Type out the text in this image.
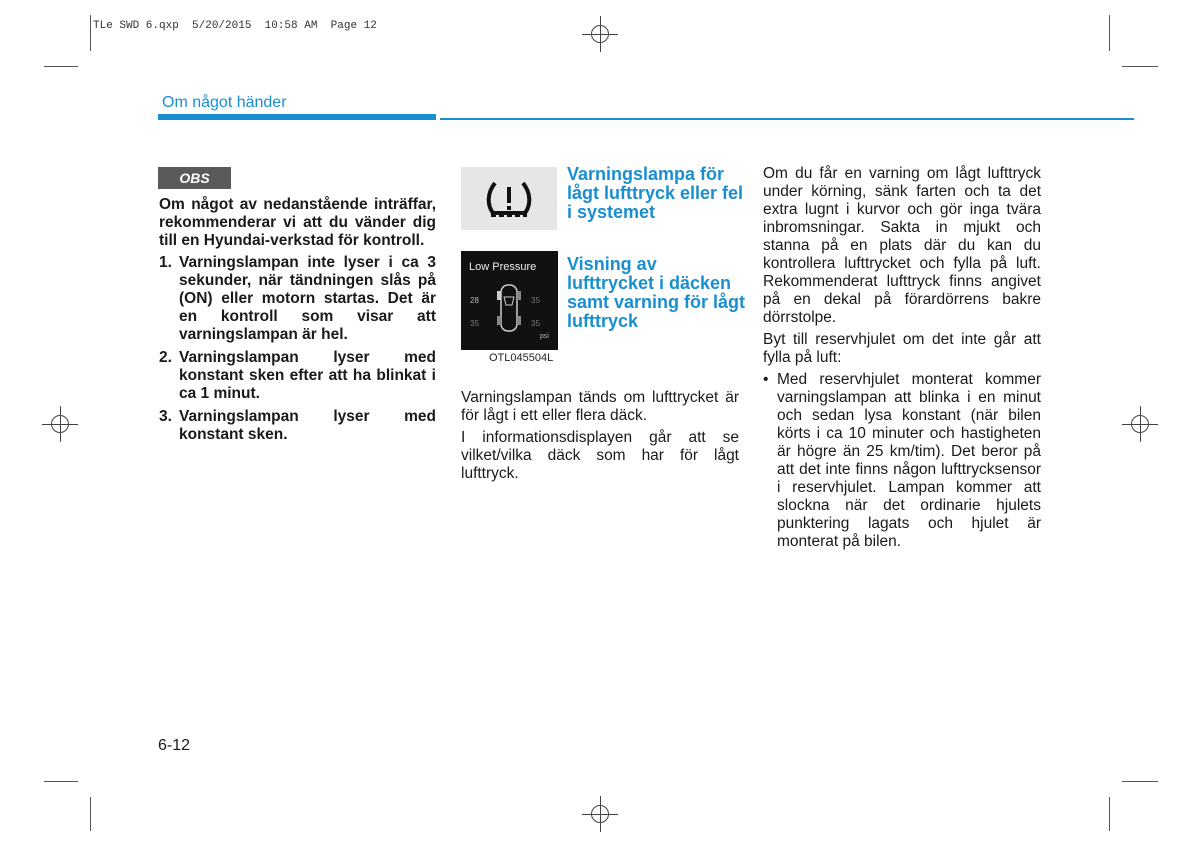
TLe SWD 6.qxp  5/20/2015  10:58 AM  Page 12
Om något händer
OBS

Om något av nedanstående inträffar, rekommenderar vi att du vänder dig till en Hyundai-verkstad för kontroll.

1. Varningslampan inte lyser i ca 3 sekunder, när tändningen slås på (ON) eller motorn startas. Det är en kontroll som visar att varningslampan är hel.
2. Varningslampan lyser med konstant sken efter att ha blinkat i ca 1 minut.
3. Varningslampan lyser med konstant sken.
Varningslampa för lågt lufttryck eller fel i systemet
Visning av lufttrycket i däcken samt varning för lågt lufttryck
Low Pressure
28	35
35	35
psi
OTL045504L

Varningslampan tänds om lufttrycket är för lågt i ett eller flera däck.

I informationsdisplayen går att se vilket/vilka däck som har för lågt lufttryck.

Om du får en varning om lågt lufttryck under körning, sänk farten och ta det extra lugnt i kurvor och gör inga tvära inbromsningar. Sakta in mjukt och stanna på en plats där du kan du kontrollera lufttrycket och fylla på luft. Rekommenderat lufttryck finns angivet på en dekal på förardörrens bakre dörrstolpe.

Byt till reservhjulet om det inte går att fylla på luft:

• Med reservhjulet monterat kommer varningslampan att blinka i en minut och sedan lysa konstant (när bilen körts i ca 10 minuter och hastigheten är högre än 25 km/tim). Det beror på att det inte finns någon lufttrycksensor i reservhjulet. Lampan kommer att slockna när det ordinarie hjulets punktering lagats och hjulet är monterat på bilen.
6-12
